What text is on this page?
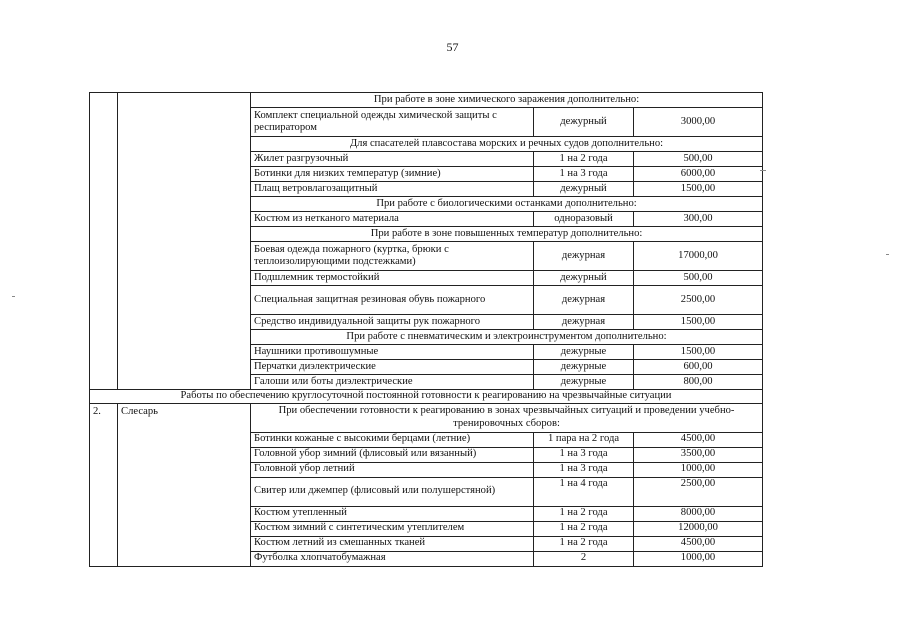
57
		При работе в зоне химического заражения дополнительно:		
		Комплект специальной одежды химической защиты с респиратором	дежурный	3000,00
		Для спасателей плавсостава морских и речных судов дополнительно:		
		Жилет разгрузочный	1 на 2 года	500,00
		Ботинки для низких температур (зимние)	1 на 3 года	6000,00
		Плащ ветровлагозащитный	дежурный	1500,00
		При работе с биологическими останками дополнительно:		
		Костюм из нетканого материала	одноразовый	300,00
		При работе в зоне повышенных температур дополнительно:		
		Боевая одежда пожарного (куртка, брюки с теплоизолирующими подстежками)	дежурная	17000,00
		Подшлемник термостойкий	дежурный	500,00
		Специальная защитная резиновая обувь пожарного	дежурная	2500,00
		Средство индивидуальной защиты рук пожарного	дежурная	1500,00
		При работе с пневматическим и электроинструментом дополнительно:		
		Наушники противошумные	дежурные	1500,00
		Перчатки диэлектрические	дежурные	600,00
		Галоши или боты диэлектрические	дежурные	800,00
Работы по обеспечению круглосуточной постоянной готовности к реагированию на чрезвычайные ситуации				
2.	Слесарь	При обеспечении готовности к реагированию в зонах чрезвычайных ситуаций и проведении учебно-тренировочных сборов:		
		Ботинки кожаные с высокими берцами (летние)	1 пара на 2 года	4500,00
		Головной убор зимний (флисовый или вязанный)	1 на 3 года	3500,00
		Головной убор летний	1 на 3 года	1000,00
		Свитер или джемпер (флисовый или полушерстяной)	1 на 4 года	2500,00
		Костюм утепленный	1 на 2 года	8000,00
		Костюм зимний с синтетическим утеплителем	1 на 2 года	12000,00
		Костюм летний из смешанных тканей	1 на 2 года	4500,00
		Футболка хлопчатобумажная	2	1000,00
